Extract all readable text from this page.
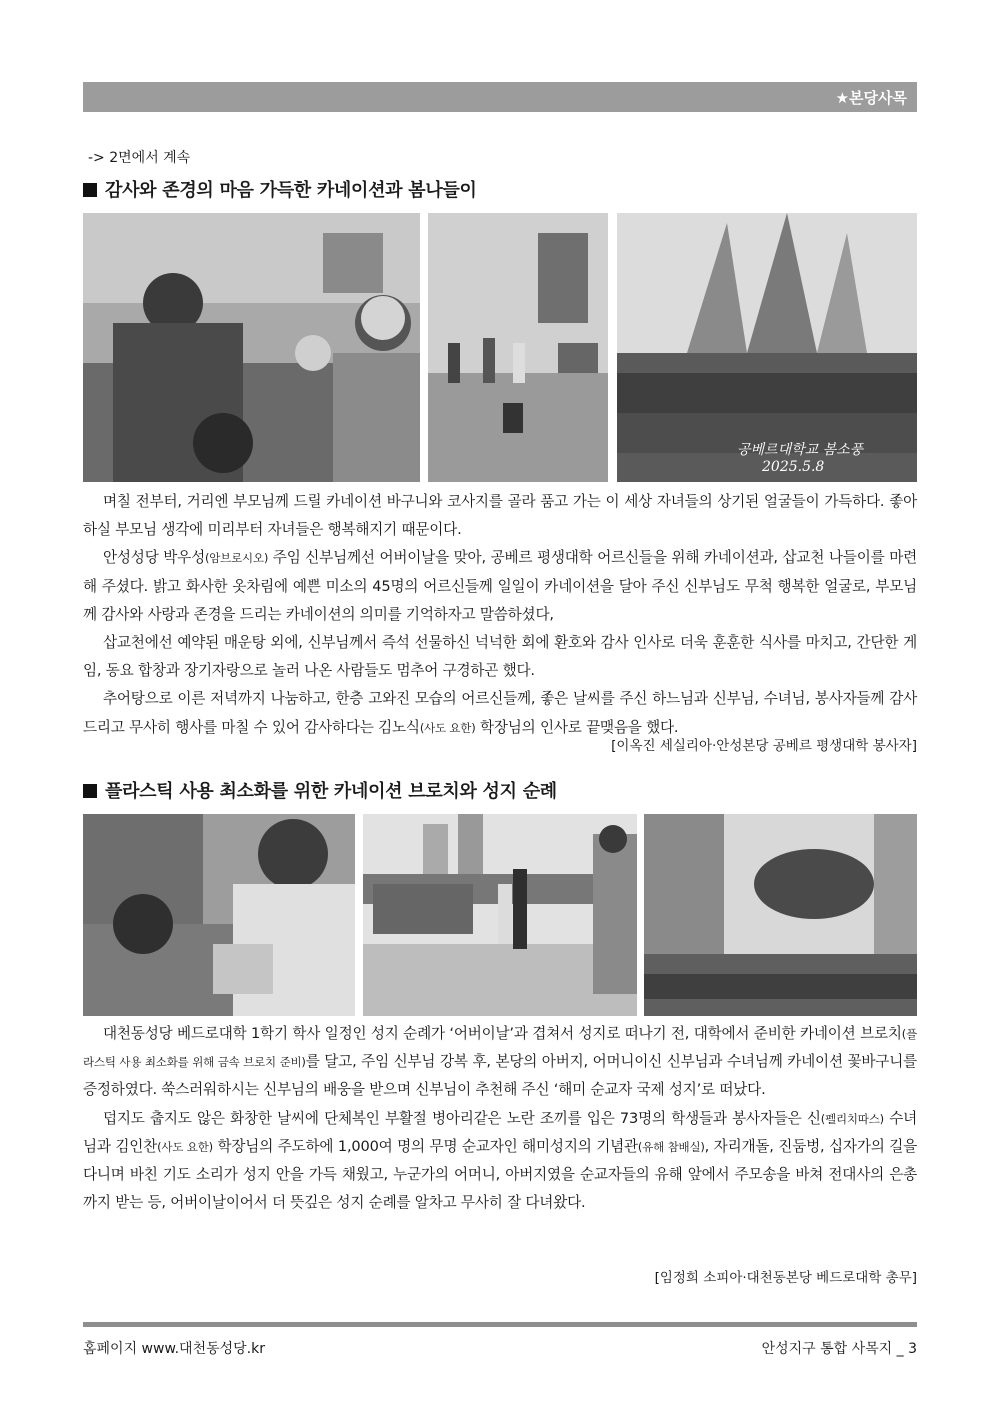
★본당사목
-> 2면에서 계속
감사와 존경의 마음 가득한 카네이션과 봄나들이
공베르대학교 봄소풍
2025.5.8

며칠 전부터, 거리엔 부모님께 드릴 카네이션 바구니와 코사지를 골라 품고 가는 이 세상 자녀들의 상기된 얼굴들이 가득하다. 좋아하실 부모님 생각에 미리부터 자녀들은 행복해지기 때문이다.

안성성당 박우성(암브로시오) 주임 신부님께선 어버이날을 맞아, 공베르 평생대학 어르신들을 위해 카네이션과, 삽교천 나들이를 마련해 주셨다. 밝고 화사한 옷차림에 예쁜 미소의 45명의 어르신들께 일일이 카네이션을 달아 주신 신부님도 무척 행복한 얼굴로, 부모님께 감사와 사랑과 존경을 드리는 카네이션의 의미를 기억하자고 말씀하셨다,

삽교천에선 예약된 매운탕 외에, 신부님께서 즉석 선물하신 넉넉한 회에 환호와 감사 인사로 더욱 훈훈한 식사를 마치고, 간단한 게임, 동요 합창과 장기자랑으로 놀러 나온 사람들도 멈추어 구경하곤 했다.

추어탕으로 이른 저녁까지 나눔하고, 한층 고와진 모습의 어르신들께, 좋은 날씨를 주신 하느님과 신부님, 수녀님, 봉사자들께 감사드리고 무사히 행사를 마칠 수 있어 감사하다는 김노식(사도 요한) 학장님의 인사로 끝맺음을 했다.

[이옥진 세실리아·안성본당 공베르 평생대학 봉사자]
플라스틱 사용 최소화를 위한 카네이션 브로치와 성지 순례

대천동성당 베드로대학 1학기 학사 일정인 성지 순례가 ‘어버이날’과 겹쳐서 성지로 떠나기 전, 대학에서 준비한 카네이션 브로치(플라스틱 사용 최소화를 위해 금속 브로치 준비)를 달고, 주임 신부님 강복 후, 본당의 아버지, 어머니이신 신부님과 수녀님께 카네이션 꽃바구니를 증정하였다. 쑥스러워하시는 신부님의 배웅을 받으며 신부님이 추천해 주신 ‘해미 순교자 국제 성지’로 떠났다.

덥지도 춥지도 않은 화창한 날씨에 단체복인 부활절 병아리같은 노란 조끼를 입은 73명의 학생들과 봉사자들은 신(펠리치따스) 수녀님과 김인찬(사도 요한) 학장님의 주도하에 1,000여 명의 무명 순교자인 해미성지의 기념관(유해 참배실), 자리개돌, 진둠벙, 십자가의 길을 다니며 바친 기도 소리가 성지 안을 가득 채웠고, 누군가의 어머니, 아버지였을 순교자들의 유해 앞에서 주모송을 바쳐 전대사의 은총까지 받는 등, 어버이날이어서 더 뜻깊은 성지 순례를 알차고 무사히 잘 다녀왔다.

[임정희 소피아·대천동본당 베드로대학 총무]
홈페이지 www.대천동성당.kr	안성지구 통합 사목지 _ 3
